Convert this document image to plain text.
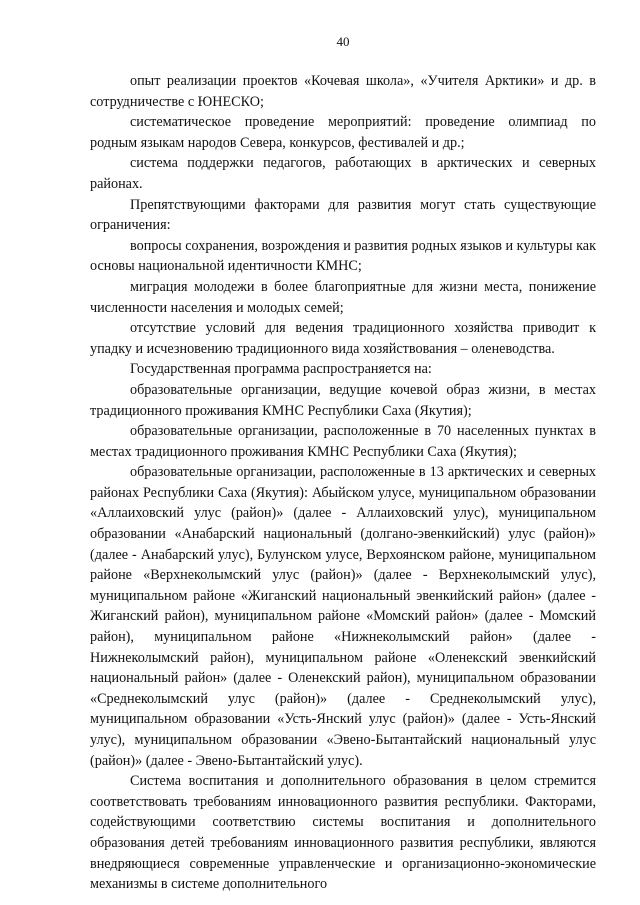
40

опыт реализации проектов «Кочевая школа», «Учителя Арктики» и др. в сотрудничестве с ЮНЕСКО;

систематическое проведение мероприятий: проведение олимпиад по родным языкам народов Севера, конкурсов, фестивалей и др.;

система поддержки педагогов, работающих в арктических и северных районах.

Препятствующими факторами для развития могут стать существующие ограничения:

вопросы сохранения, возрождения и развития родных языков и культуры как основы национальной идентичности КМНС;

миграция молодежи в более благоприятные для жизни места, понижение численности населения и молодых семей;

отсутствие условий для ведения традиционного хозяйства приводит к упадку и исчезновению традиционного вида хозяйствования – оленеводства.

Государственная программа распространяется на:

образовательные организации, ведущие кочевой образ жизни, в местах традиционного проживания КМНС Республики Саха (Якутия);

образовательные организации, расположенные в 70 населенных пунктах в местах традиционного проживания КМНС Республики Саха (Якутия);

образовательные организации, расположенные в 13 арктических и северных районах Республики Саха (Якутия): Абыйском улусе, муниципальном образовании «Аллаиховский улус (район)» (далее - Аллаиховский улус), муниципальном образовании «Анабарский национальный (долгано-эвенкийский) улус (район)» (далее - Анабарский улус), Булунском улусе, Верхоянском районе, муниципальном районе «Верхнеколымский улус (район)» (далее - Верхнеколымский улус), муниципальном районе «Жиганский национальный эвенкийский район» (далее - Жиганский район), муниципальном районе «Момский район» (далее - Момский район), муниципальном районе «Нижнеколымский район» (далее - Нижнеколымский район), муниципальном районе «Оленекский эвенкийский национальный район» (далее - Оленекский район), муниципальном образовании «Среднеколымский улус (район)» (далее - Среднеколымский улус), муниципальном образовании «Усть-Янский улус (район)» (далее - Усть-Янский улус), муниципальном образовании «Эвено-Бытантайский национальный улус (район)» (далее - Эвено-Бытантайский улус).

Система воспитания и дополнительного образования в целом стремится соответствовать требованиям инновационного развития республики. Факторами, содействующими соответствию системы воспитания и дополнительного образования детей требованиям инновационного развития республики, являются внедряющиеся современные управленческие и организационно-экономические механизмы в системе дополнительного
